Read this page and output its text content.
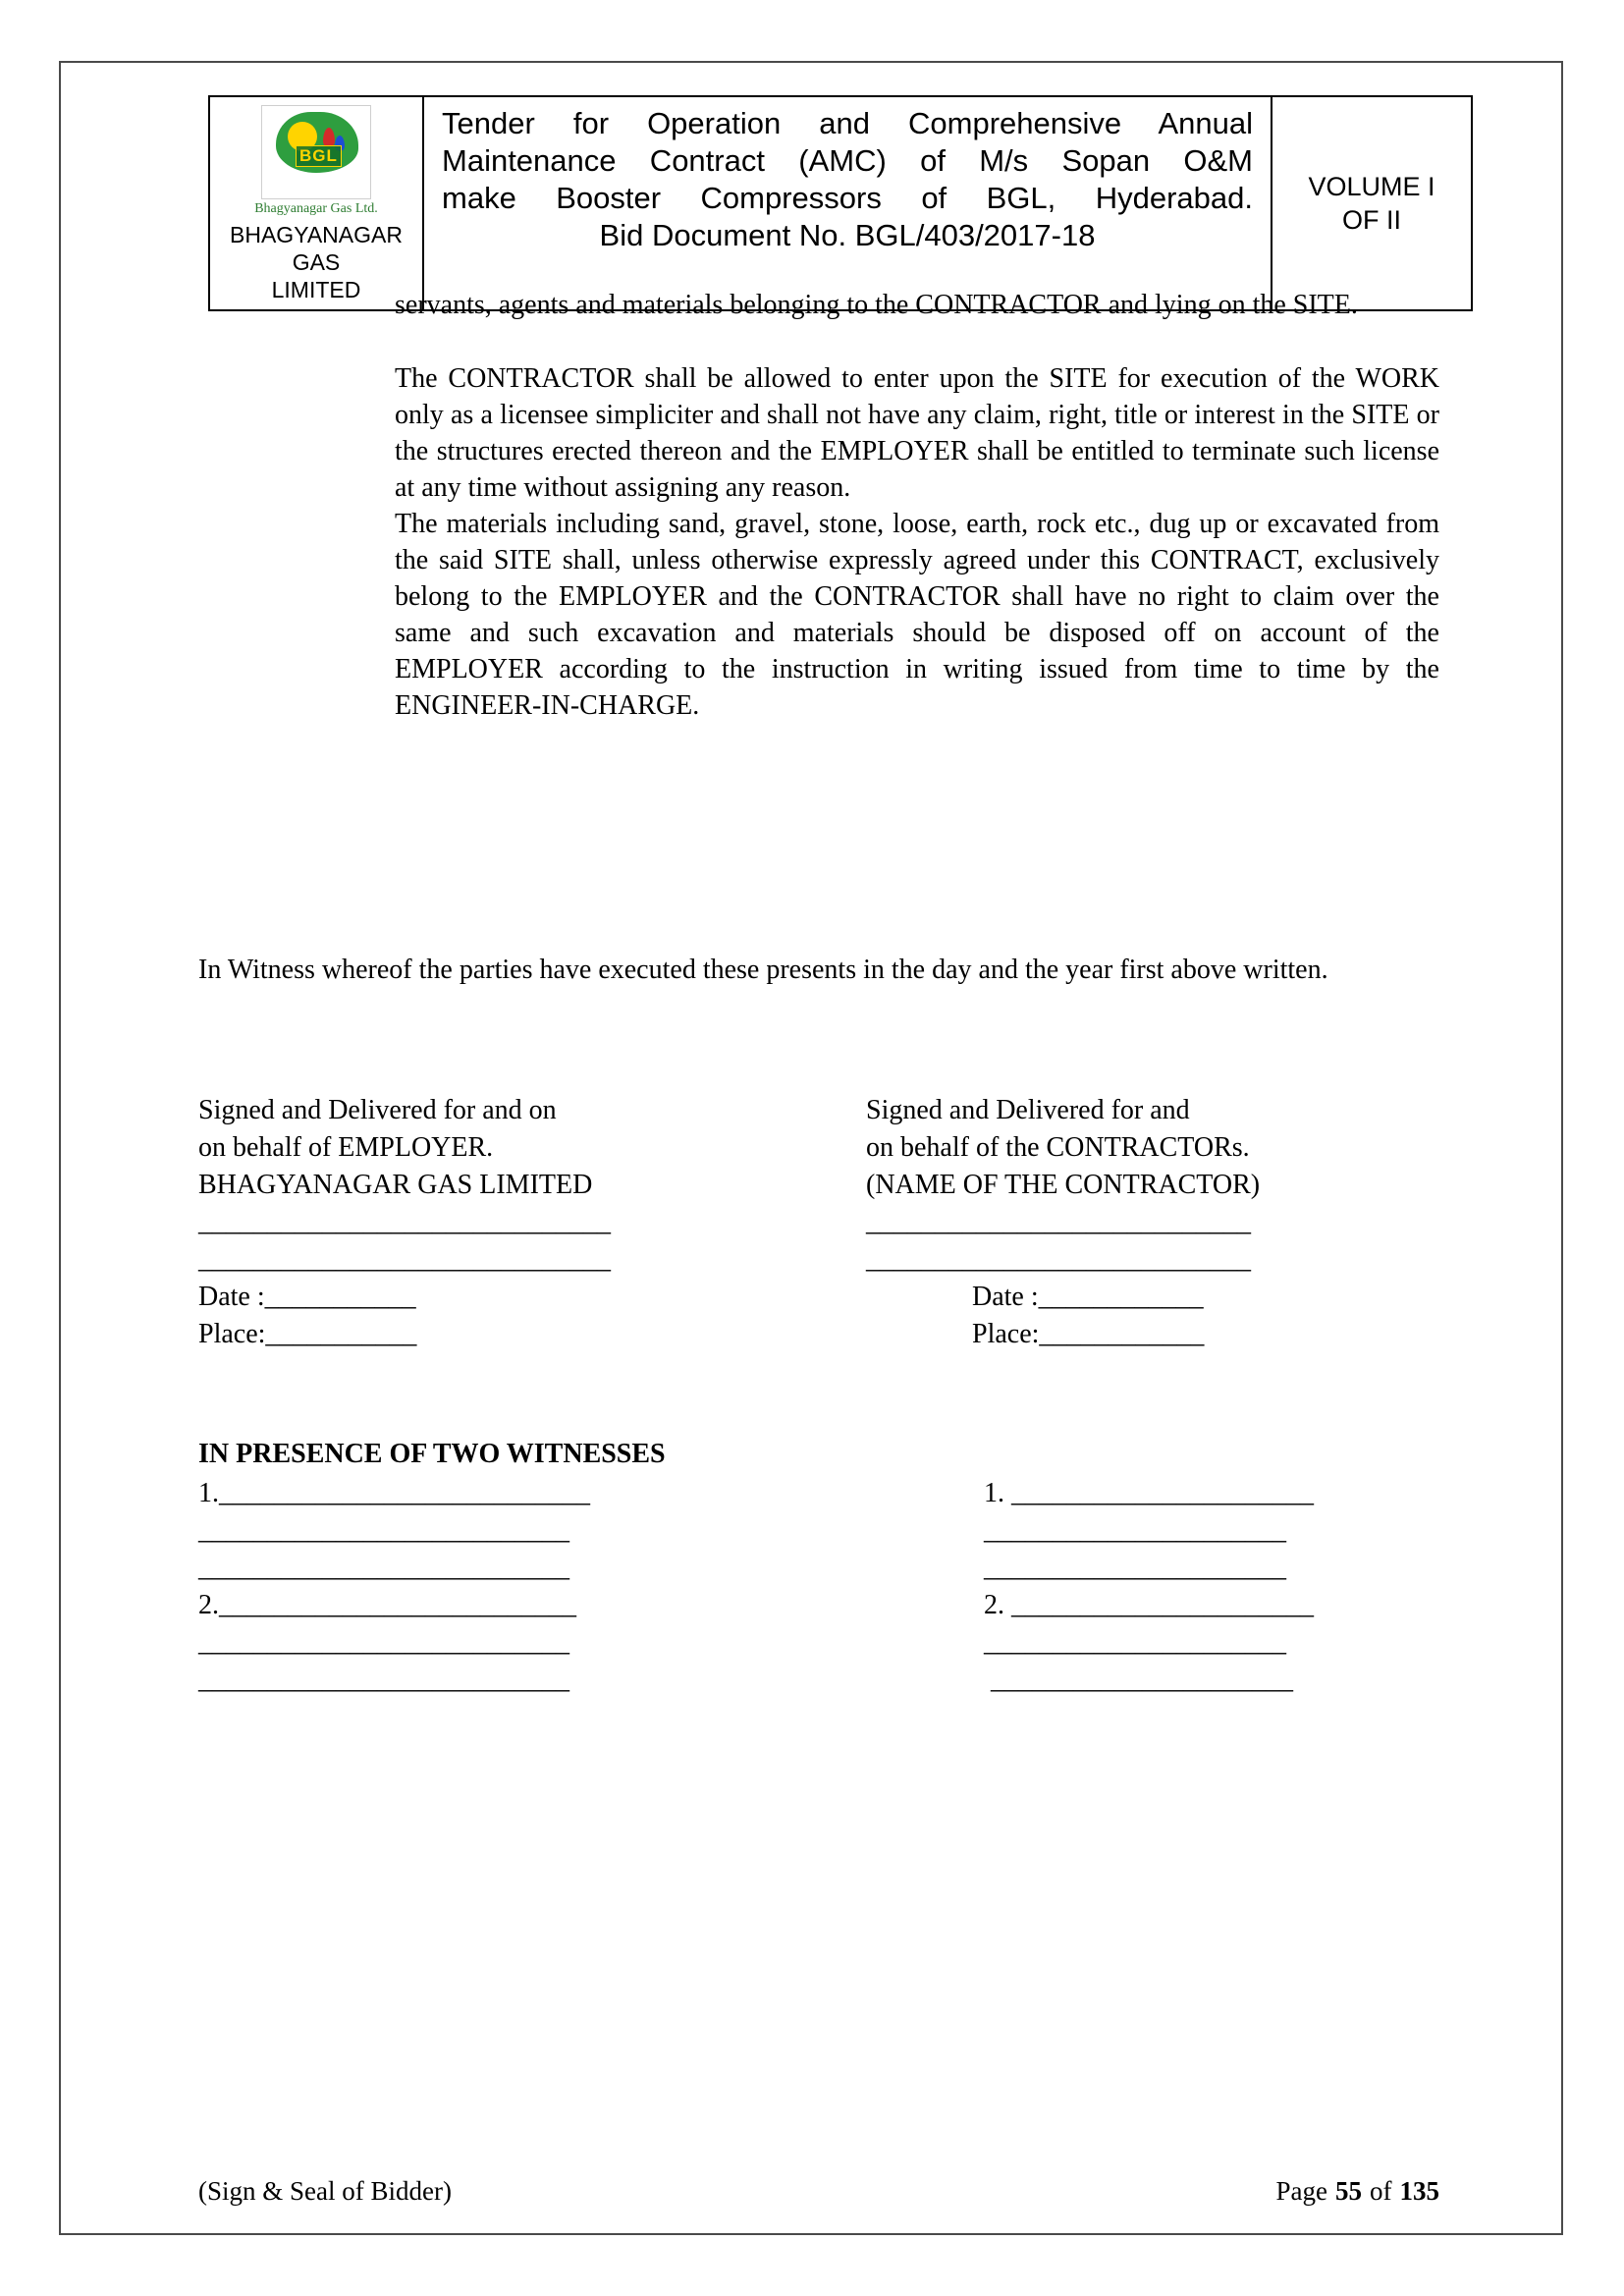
BGL
Bhagyanagar Gas Ltd.
BHAGYANAGAR GAS
LIMITED
Tender for Operation and Comprehensive Annual
Maintenance Contract (AMC) of M/s Sopan O&M
make Booster Compressors of BGL, Hyderabad.
Bid Document No. BGL/403/2017-18
VOLUME I
OF II

servants, agents and materials belonging to the CONTRACTOR and lying on the SITE.

The CONTRACTOR shall be allowed to enter upon the SITE for execution of the WORK only as a licensee simpliciter and shall not have any claim, right, title or interest in the SITE or the structures erected thereon and the EMPLOYER shall be entitled to terminate such license at any time without assigning any reason.

The materials including sand, gravel, stone, loose, earth, rock etc., dug up or excavated from the said SITE shall, unless otherwise expressly agreed under this CONTRACT, exclusively belong to the EMPLOYER and the CONTRACTOR shall have no right to claim over the same and such excavation and materials should be disposed off on account of the EMPLOYER according to the instruction in writing issued from time to time by the ENGINEER-IN-CHARGE.

In Witness whereof the parties have executed these presents in the day and the year first above written.

Signed and Delivered for and on
on behalf of EMPLOYER.
BHAGYANAGAR GAS LIMITED
______________________________
______________________________
Date :___________
Place:___________
Signed and Delivered for and
on behalf of the CONTRACTORs.
(NAME OF THE CONTRACTOR)
____________________________
____________________________
Date :____________
Place:____________
IN PRESENCE OF TWO WITNESSES
1.___________________________
___________________________
___________________________
2.__________________________
___________________________
___________________________
1. ______________________
______________________
______________________
2. ______________________
______________________
______________________
(Sign & Seal of Bidder)	Page 55 of 135
